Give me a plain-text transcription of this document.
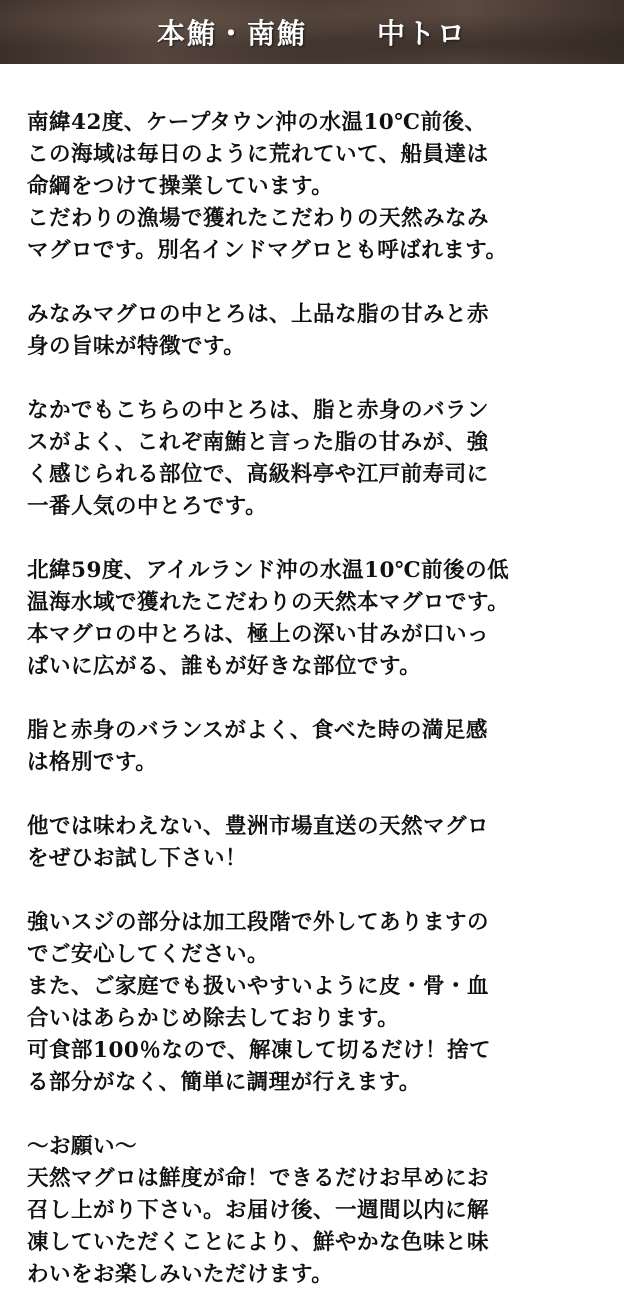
本鮪・南鮪	中トロ

南緯42度、ケープタウン沖の水温10℃前後、
この海域は毎日のように荒れていて、船員達は
命綱をつけて操業しています。
こだわりの漁場で獲れたこだわりの天然みなみ
マグロです。別名インドマグロとも呼ばれます。

みなみマグロの中とろは、上品な脂の甘みと赤
身の旨味が特徴です。

なかでもこちらの中とろは、脂と赤身のバラン
スがよく、これぞ南鮪と言った脂の甘みが、強
く感じられる部位で、高級料亭や江戸前寿司に
一番人気の中とろです。

北緯59度、アイルランド沖の水温10℃前後の低
温海水域で獲れたこだわりの天然本マグロです。
本マグロの中とろは、極上の深い甘みが口いっ
ぱいに広がる、誰もが好きな部位です。

脂と赤身のバランスがよく、食べた時の満足感
は格別です。

他では味わえない、豊洲市場直送の天然マグロ
をぜひお試し下さい！

強いスジの部分は加工段階で外してありますの
でご安心してください。
また、ご家庭でも扱いやすいように皮・骨・血
合いはあらかじめ除去しております。
可食部100％なので、解凍して切るだけ！捨て
る部分がなく、簡単に調理が行えます。

～お願い～
天然マグロは鮮度が命！できるだけお早めにお
召し上がり下さい。お届け後、一週間以内に解
凍していただくことにより、鮮やかな色味と味
わいをお楽しみいただけます。
